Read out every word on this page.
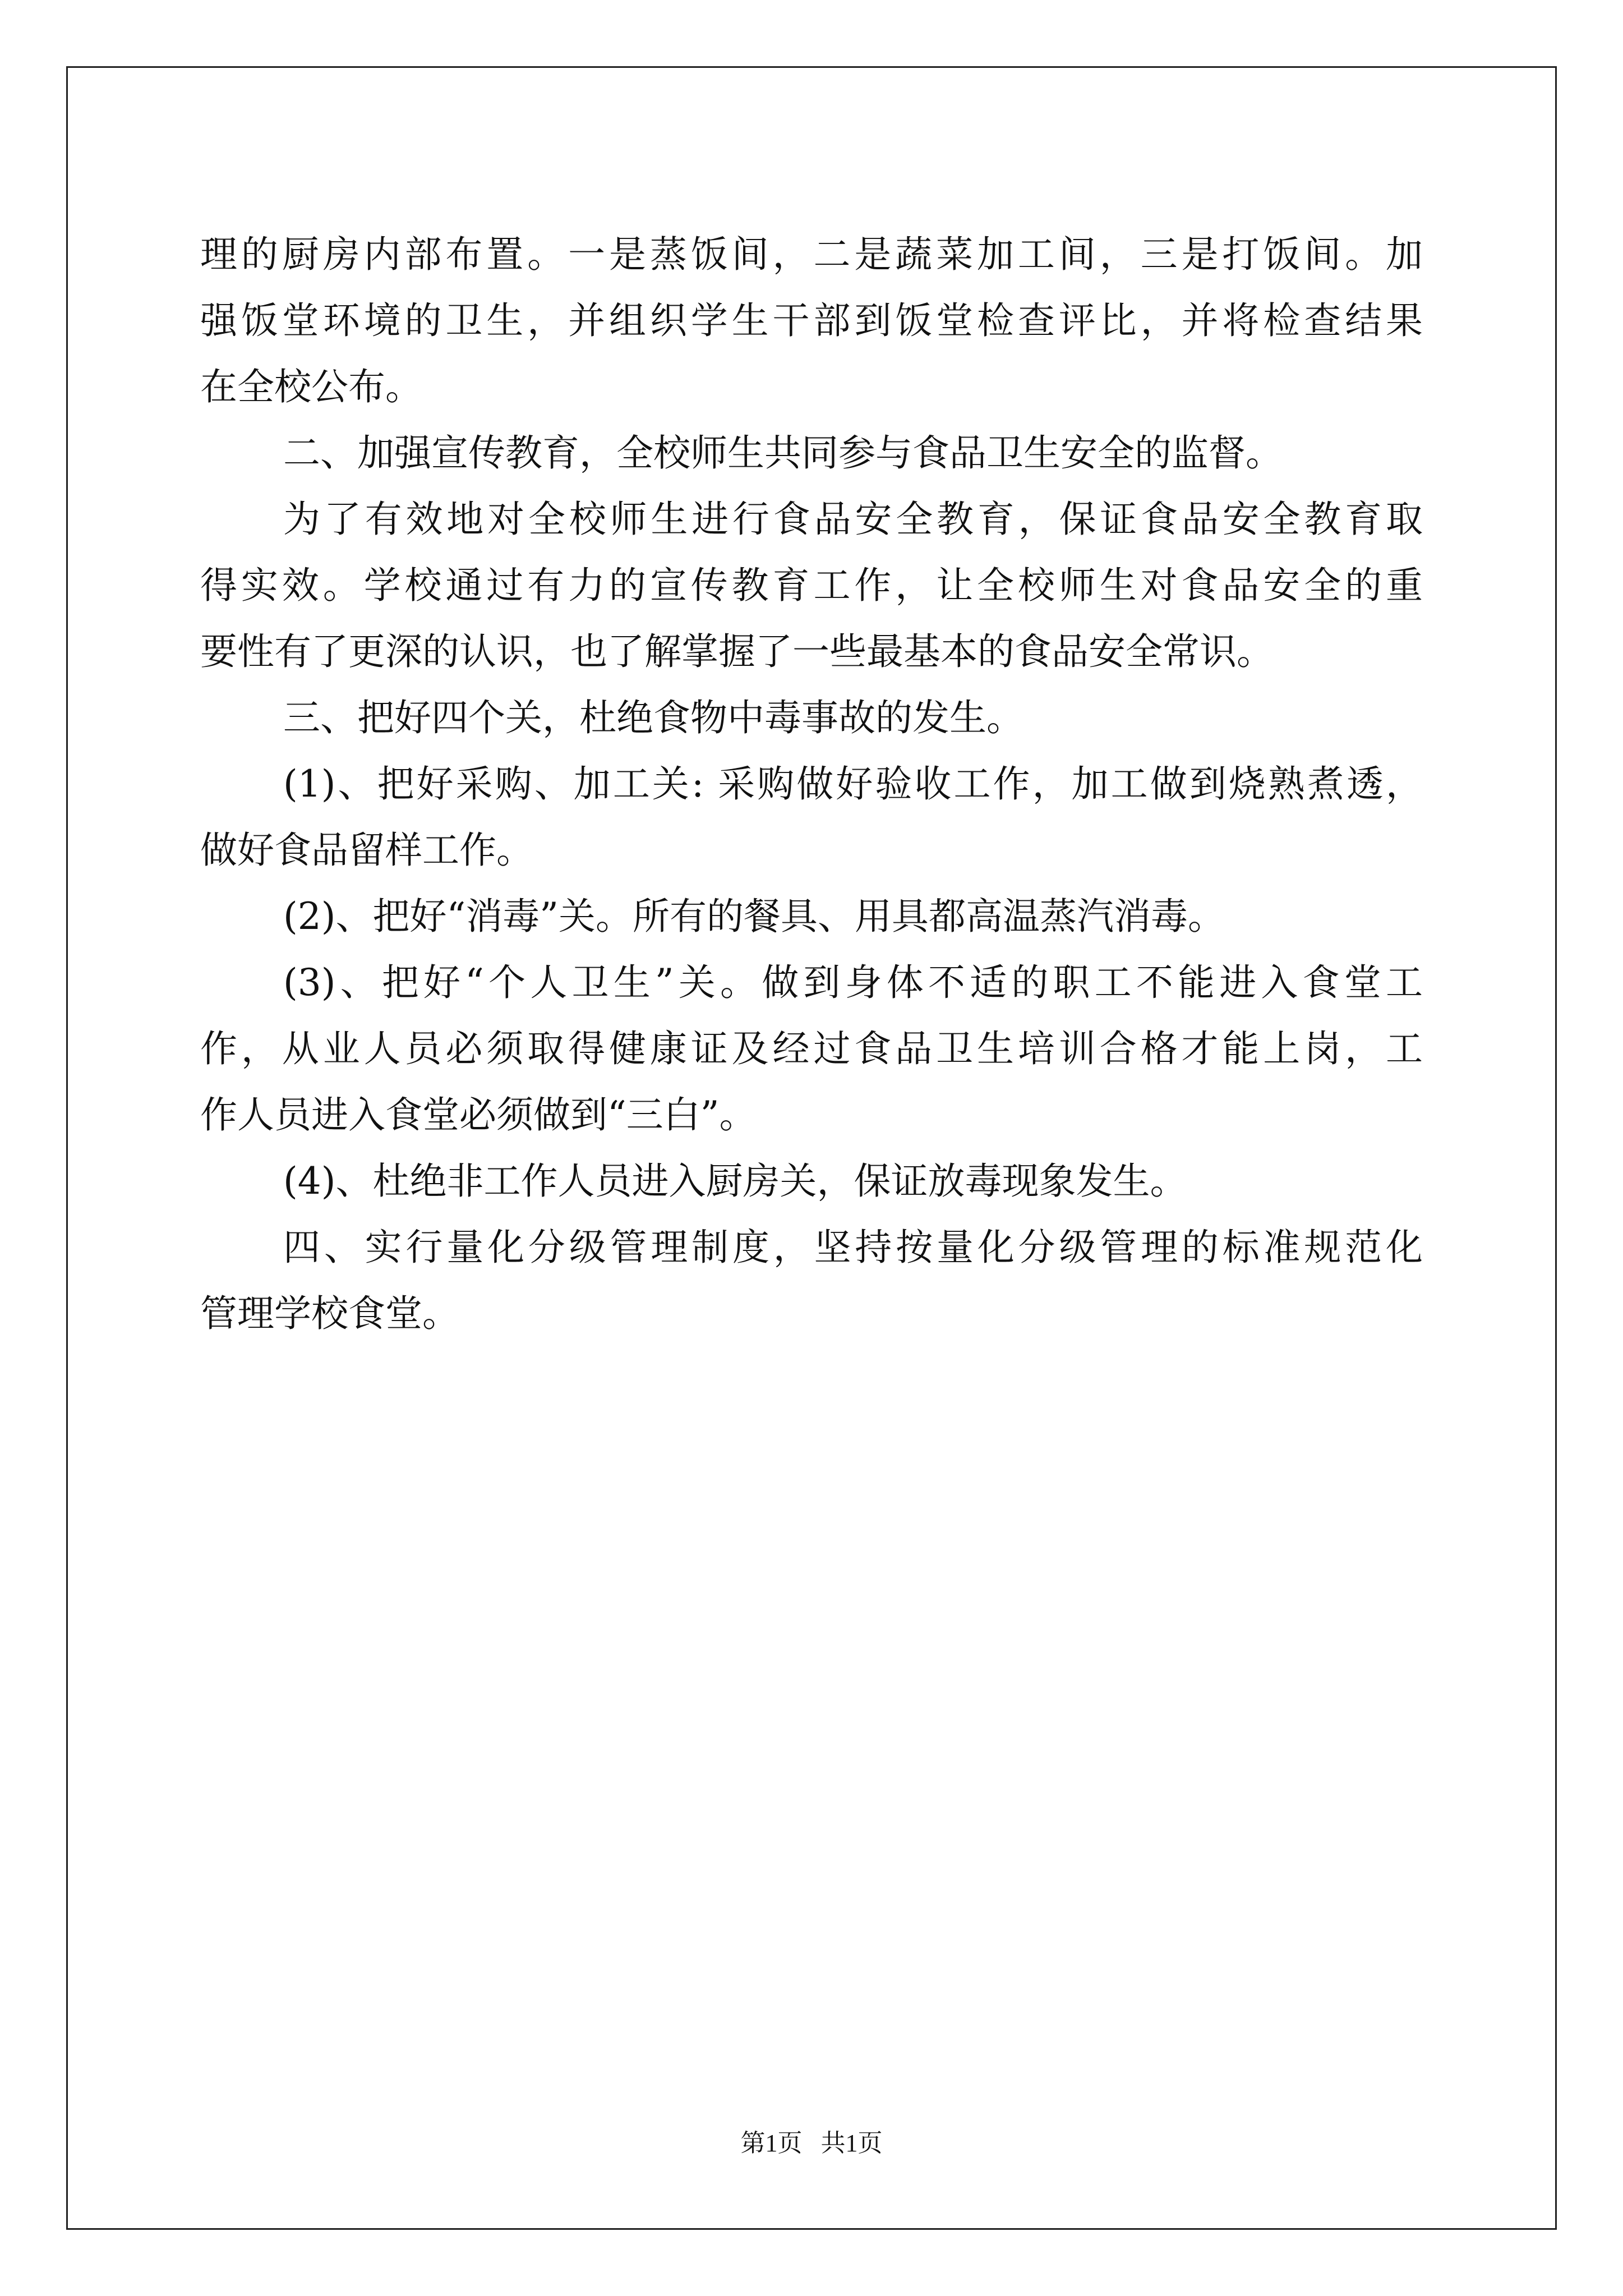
理的厨房内部布置。一是蒸饭间，二是蔬菜加工间，三是打饭间。加
强饭堂环境的卫生，并组织学生干部到饭堂检查评比，并将检查结果
在全校公布。
二、加强宣传教育，全校师生共同参与食品卫生安全的监督。
为了有效地对全校师生进行食品安全教育，保证食品安全教育取
得实效。学校通过有力的宣传教育工作，让全校师生对食品安全的重
要性有了更深的认识，也了解掌握了一些最基本的食品安全常识。
三、把好四个关，杜绝食物中毒事故的发生。
(1)、把好采购、加工关: 采购做好验收工作，加工做到烧熟煮透，
做好食品留样工作。
(2)、把好“消毒”关。所有的餐具、用具都高温蒸汽消毒。
(3)、把好“个人卫生”关。做到身体不适的职工不能进入食堂工
作，从业人员必须取得健康证及经过食品卫生培训合格才能上岗，工
作人员进入食堂必须做到“三白”。
(4)、杜绝非工作人员进入厨房关，保证放毒现象发生。
四、实行量化分级管理制度，坚持按量化分级管理的标准规范化
管理学校食堂。
第1页   共1页
